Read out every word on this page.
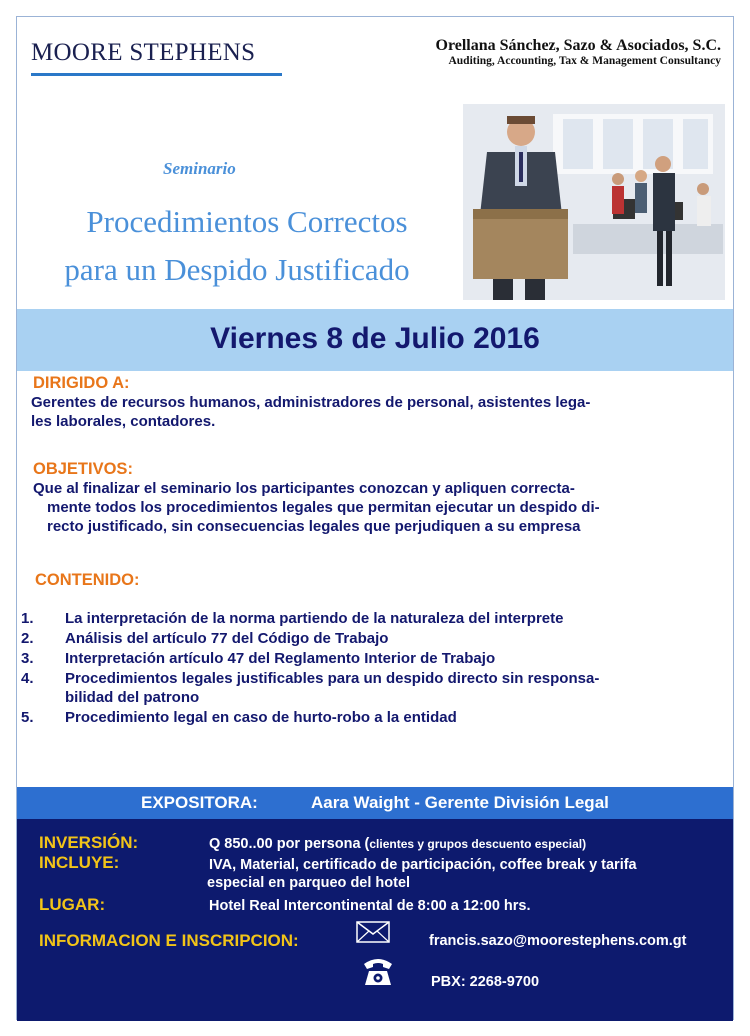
MOORE STEPHENS	Orellana Sánchez, Sazo & Asociados, S.C.
Auditing, Accounting, Tax & Management Consultancy
Seminario
Procedimientos Correctos
para un Despido Justificado
Viernes 8 de Julio 2016
DIRIGIDO A:
Gerentes de recursos humanos, administradores de personal, asistentes lega-
les laborales, contadores.
OBJETIVOS:
Que al finalizar el seminario los participantes conozcan y apliquen correcta-
mente todos los procedimientos legales que permitan ejecutar un despido di-
recto justificado, sin consecuencias legales que perjudiquen a su empresa
CONTENIDO:
1. La interpretación de la norma partiendo de la naturaleza del interprete
2. Análisis del artículo 77 del Código de Trabajo
3. Interpretación artículo 47 del Reglamento Interior de Trabajo
4. Procedimientos legales justificables para un despido directo sin responsa-
bilidad del patrono
5. Procedimiento legal en caso de hurto-robo a la entidad
EXPOSITORA:	Aara Waight - Gerente División Legal
INVERSIÓN:	Q 850..00 por persona (clientes y grupos descuento especial)
INCLUYE:	IVA, Material, certificado de participación, coffee break y tarifa
especial en parqueo del hotel
LUGAR:	Hotel Real Intercontinental de 8:00 a 12:00 hrs.
INFORMACION E INSCRIPCION:	francis.sazo@moorestephens.com.gt
PBX: 2268-9700
